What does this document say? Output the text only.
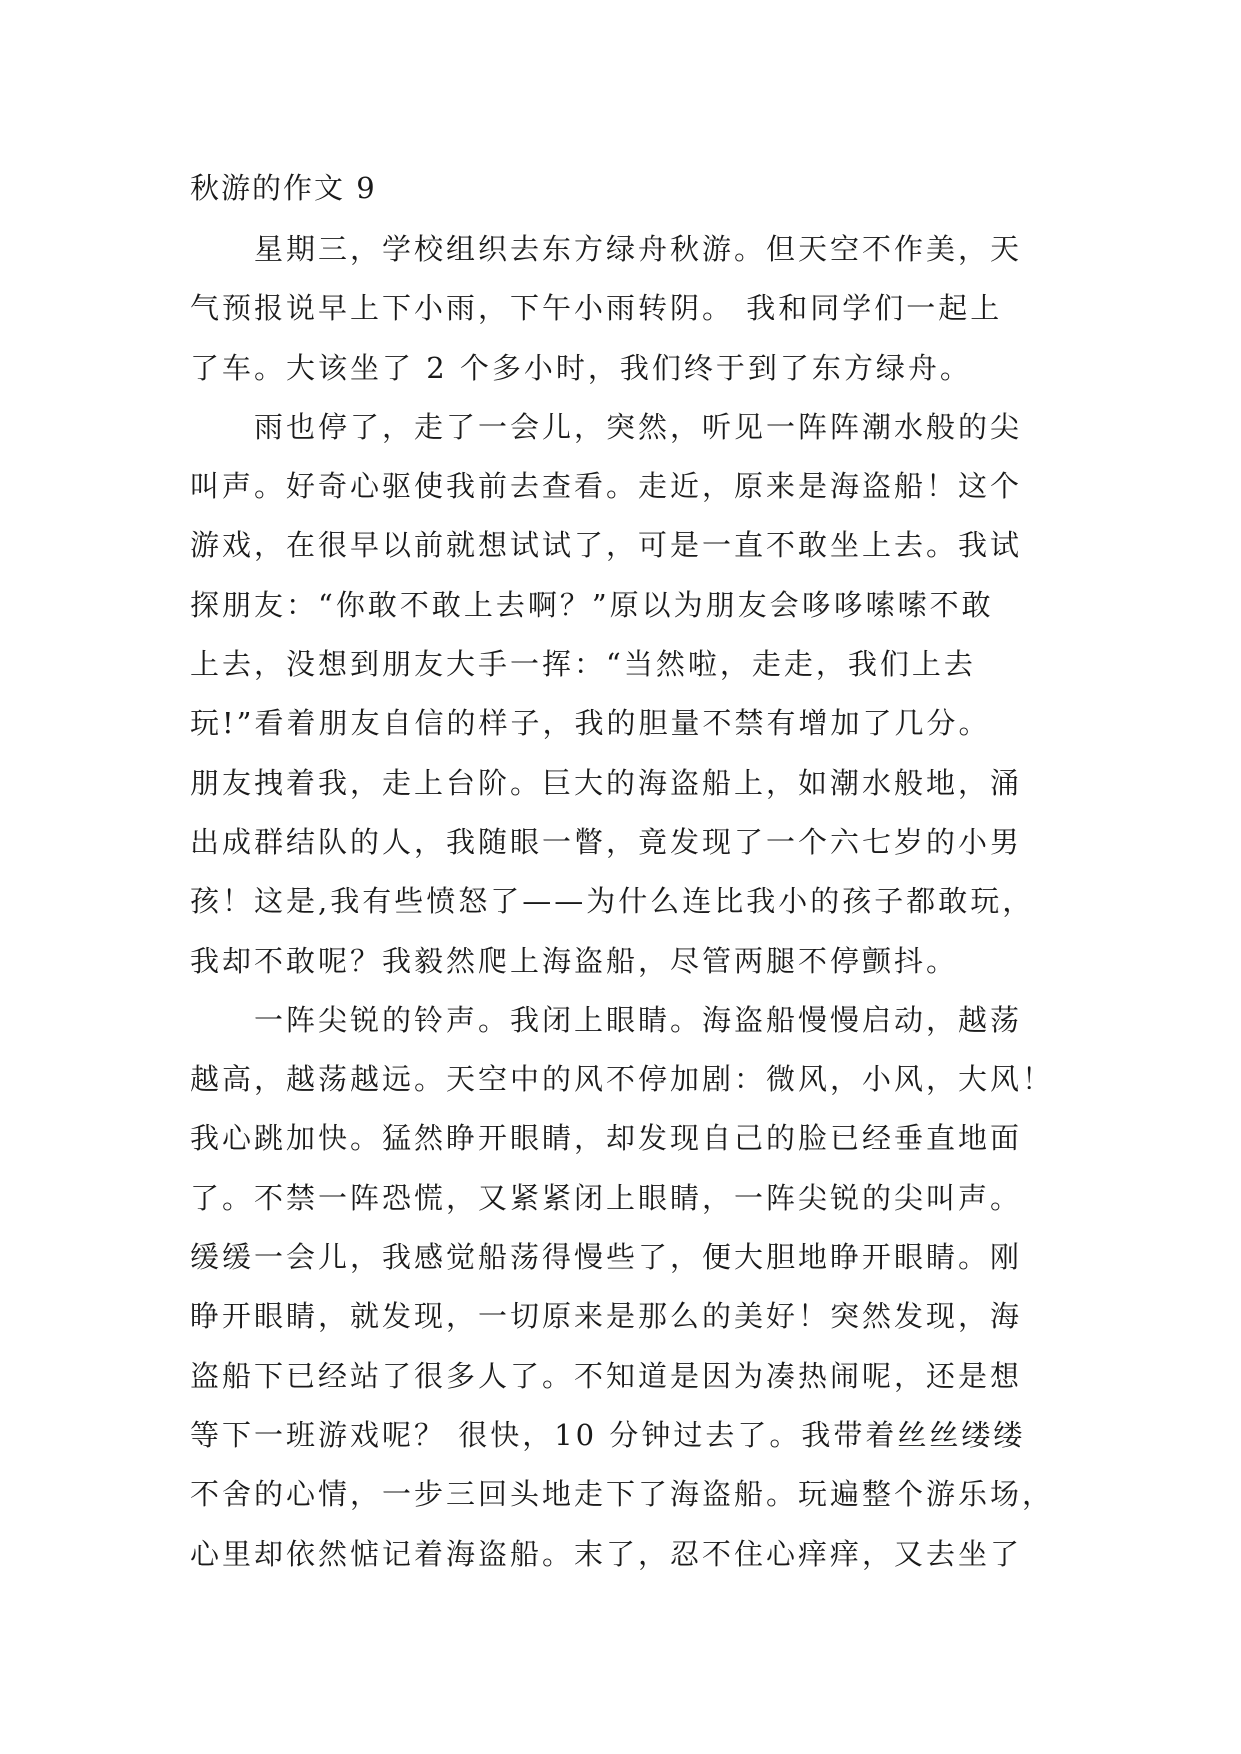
秋游的作文 9
星期三，学校组织去东方绿舟秋游。但天空不作美，天
气预报说早上下小雨，下午小雨转阴。 我和同学们一起上
了车。大该坐了 2 个多小时，我们终于到了东方绿舟。
雨也停了，走了一会儿，突然，听见一阵阵潮水般的尖
叫声。好奇心驱使我前去查看。走近，原来是海盗船！这个
游戏，在很早以前就想试试了，可是一直不敢坐上去。我试
探朋友：“你敢不敢上去啊？”原以为朋友会哆哆嗦嗦不敢
上去，没想到朋友大手一挥：“当然啦，走走，我们上去
玩!”看着朋友自信的样子，我的胆量不禁有增加了几分。
朋友拽着我，走上台阶。巨大的海盗船上，如潮水般地，涌
出成群结队的人，我随眼一瞥，竟发现了一个六七岁的小男
孩！这是,我有些愤怒了——为什么连比我小的孩子都敢玩，
我却不敢呢？我毅然爬上海盗船，尽管两腿不停颤抖。
一阵尖锐的铃声。我闭上眼睛。海盗船慢慢启动，越荡
越高，越荡越远。天空中的风不停加剧：微风，小风，大风！
我心跳加快。猛然睁开眼睛，却发现自己的脸已经垂直地面
了。不禁一阵恐慌，又紧紧闭上眼睛，一阵尖锐的尖叫声。
缓缓一会儿，我感觉船荡得慢些了，便大胆地睁开眼睛。刚
睁开眼睛，就发现，一切原来是那么的美好！突然发现，海
盗船下已经站了很多人了。不知道是因为凑热闹呢，还是想
等下一班游戏呢？ 很快，10 分钟过去了。我带着丝丝缕缕
不舍的心情，一步三回头地走下了海盗船。玩遍整个游乐场，
心里却依然惦记着海盗船。末了，忍不住心痒痒，又去坐了
